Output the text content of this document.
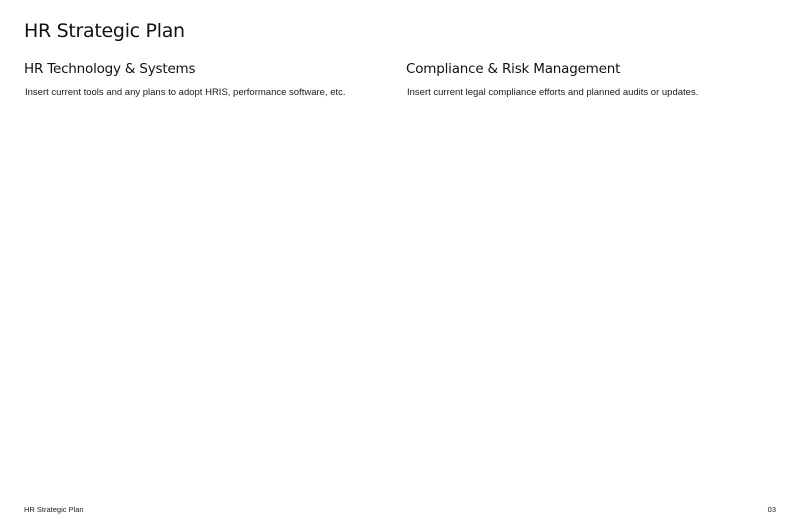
HR Strategic Plan
HR Technology & Systems

Insert current tools and any plans to adopt HRIS, performance software, etc.

Compliance & Risk Management

Insert current legal compliance efforts and planned audits or updates.

HR Strategic Plan	03
